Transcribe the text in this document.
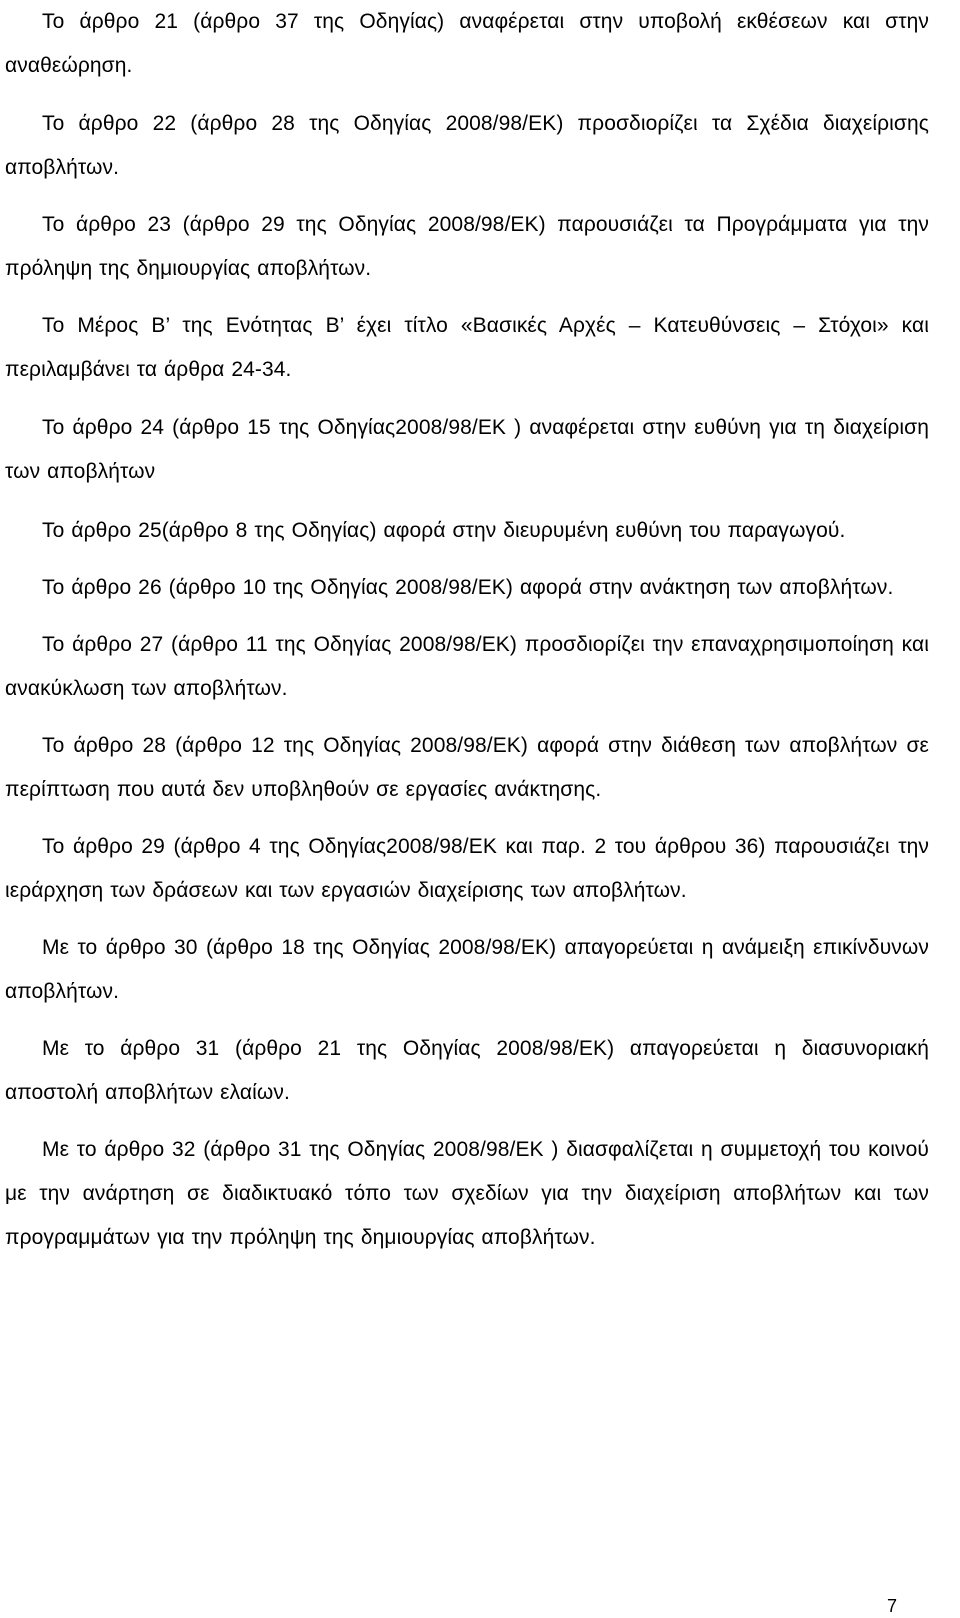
Το άρθρο 21 (άρθρο 37 της Οδηγίας) αναφέρεται στην υποβολή εκθέσεων και στην αναθεώρηση.

Το άρθρο 22 (άρθρο 28 της Οδηγίας 2008/98/ΕΚ) προσδιορίζει τα Σχέδια διαχείρισης αποβλήτων.

Το άρθρο 23 (άρθρο 29 της Οδηγίας 2008/98/ΕΚ) παρουσιάζει τα Προγράμματα για την πρόληψη της δημιουργίας αποβλήτων.

Το Μέρος Β’ της Ενότητας Β’ έχει τίτλο «Βασικές Αρχές – Κατευθύνσεις – Στόχοι» και περιλαμβάνει τα άρθρα 24-34.

Το άρθρο 24 (άρθρο 15 της Οδηγίας2008/98/ΕΚ ) αναφέρεται στην ευθύνη για τη διαχείριση των αποβλήτων

Το άρθρο 25(άρθρο 8 της Οδηγίας) αφορά στην διευρυμένη ευθύνη του παραγωγού.

Το άρθρο 26 (άρθρο 10 της Οδηγίας 2008/98/ΕΚ) αφορά στην ανάκτηση των αποβλήτων.

Το άρθρο 27 (άρθρο 11 της Οδηγίας 2008/98/ΕΚ) προσδιορίζει την επαναχρησιμοποίηση και ανακύκλωση των αποβλήτων.

Το άρθρο 28 (άρθρο 12 της Οδηγίας 2008/98/ΕΚ) αφορά στην διάθεση των αποβλήτων σε περίπτωση που αυτά δεν υποβληθούν σε εργασίες ανάκτησης.

Το άρθρο 29 (άρθρο 4 της Οδηγίας2008/98/ΕΚ και παρ. 2 του άρθρου 36) παρουσιάζει την ιεράρχηση των δράσεων και των εργασιών διαχείρισης των αποβλήτων.

Με το άρθρο 30 (άρθρο 18 της Οδηγίας 2008/98/ΕΚ) απαγορεύεται η ανάμειξη επικίνδυνων αποβλήτων.

Με το άρθρο 31 (άρθρο 21 της Οδηγίας 2008/98/ΕΚ) απαγορεύεται η διασυνοριακή αποστολή αποβλήτων ελαίων.

Με το άρθρο 32 (άρθρο 31 της Οδηγίας 2008/98/ΕΚ ) διασφαλίζεται η συμμετοχή του κοινού με την ανάρτηση σε διαδικτυακό τόπο των σχεδίων για την διαχείριση αποβλήτων και των προγραμμάτων για την πρόληψη της δημιουργίας αποβλήτων.

7
